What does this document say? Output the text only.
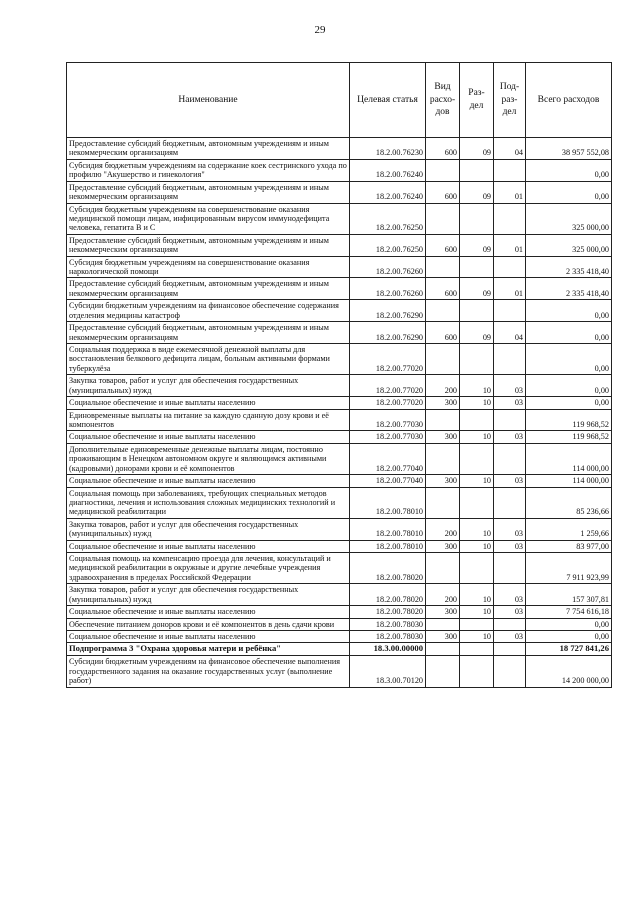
29
Наименование	Целевая статья	Вид расхо-дов	Раз-дел	Под-раз-дел	Всего расходов
Предоставление субсидий бюджетным, автономным учреждениям и иным некоммерческим организациям	18.2.00.76230	600	09	04	38 957 552,08
Субсидия бюджетным учреждениям на содержание коек сестринского ухода по профилю "Акушерство и гинекология"	18.2.00.76240				0,00
Предоставление субсидий бюджетным, автономным учреждениям и иным некоммерческим организациям	18.2.00.76240	600	09	01	0,00
Субсидия бюджетным учреждениям на совершенствование оказания медицинской помощи лицам, инфицированным вирусом иммунодефицита человека, гепатита В и С	18.2.00.76250				325 000,00
Предоставление субсидий бюджетным, автономным учреждениям и иным некоммерческим организациям	18.2.00.76250	600	09	01	325 000,00
Субсидия бюджетным учреждениям на совершенствование оказания наркологической помощи	18.2.00.76260				2 335 418,40
Предоставление субсидий бюджетным, автономным учреждениям и иным некоммерческим организациям	18.2.00.76260	600	09	01	2 335 418,40
Субсидии бюджетным учреждениям на финансовое обеспечение содержания отделения медицины катастроф	18.2.00.76290				0,00
Предоставление субсидий бюджетным, автономным учреждениям и иным некоммерческим организациям	18.2.00.76290	600	09	04	0,00
Социальная поддержка в виде ежемесячной денежной выплаты для восстановления белкового дефицита лицам, больным активными формами туберкулёза	18.2.00.77020				0,00
Закупка товаров, работ и услуг для обеспечения государственных (муниципальных) нужд	18.2.00.77020	200	10	03	0,00
Социальное обеспечение и иные выплаты населению	18.2.00.77020	300	10	03	0,00
Единовременные выплаты на питание за каждую сданную дозу крови и её компонентов	18.2.00.77030				119 968,52
Социальное обеспечение и иные выплаты населению	18.2.00.77030	300	10	03	119 968,52
Дополнительные единовременные денежные выплаты лицам, постоянно проживающим в Ненецком автономном округе и являющимся активными (кадровыми) донорами крови и её компонентов	18.2.00.77040				114 000,00
Социальное обеспечение и иные выплаты населению	18.2.00.77040	300	10	03	114 000,00
Социальная помощь при заболеваниях, требующих специальных методов диагностики, лечения и использования сложных медицинских технологий и медицинской реабилитации	18.2.00.78010				85 236,66
Закупка товаров, работ и услуг для обеспечения государственных (муниципальных) нужд	18.2.00.78010	200	10	03	1 259,66
Социальное обеспечение и иные выплаты населению	18.2.00.78010	300	10	03	83 977,00
Социальная помощь на компенсацию проезда для лечения, консультаций и медицинской реабилитации в окружные и другие лечебные учреждения здравоохранения в пределах Российской Федерации	18.2.00.78020				7 911 923,99
Закупка товаров, работ и услуг для обеспечения государственных (муниципальных) нужд	18.2.00.78020	200	10	03	157 307,81
Социальное обеспечение и иные выплаты населению	18.2.00.78020	300	10	03	7 754 616,18
Обеспечение питанием доноров крови и её компонентов в день сдачи крови	18.2.00.78030				0,00
Социальное обеспечение и иные выплаты населению	18.2.00.78030	300	10	03	0,00
Подпрограмма 3 "Охрана здоровья матери и ребёнка"	18.3.00.00000				18 727 841,26
Субсидии бюджетным учреждениям на финансовое обеспечение выполнения государственного задания на оказание государственных услуг (выполнение работ)	18.3.00.70120				14 200 000,00
